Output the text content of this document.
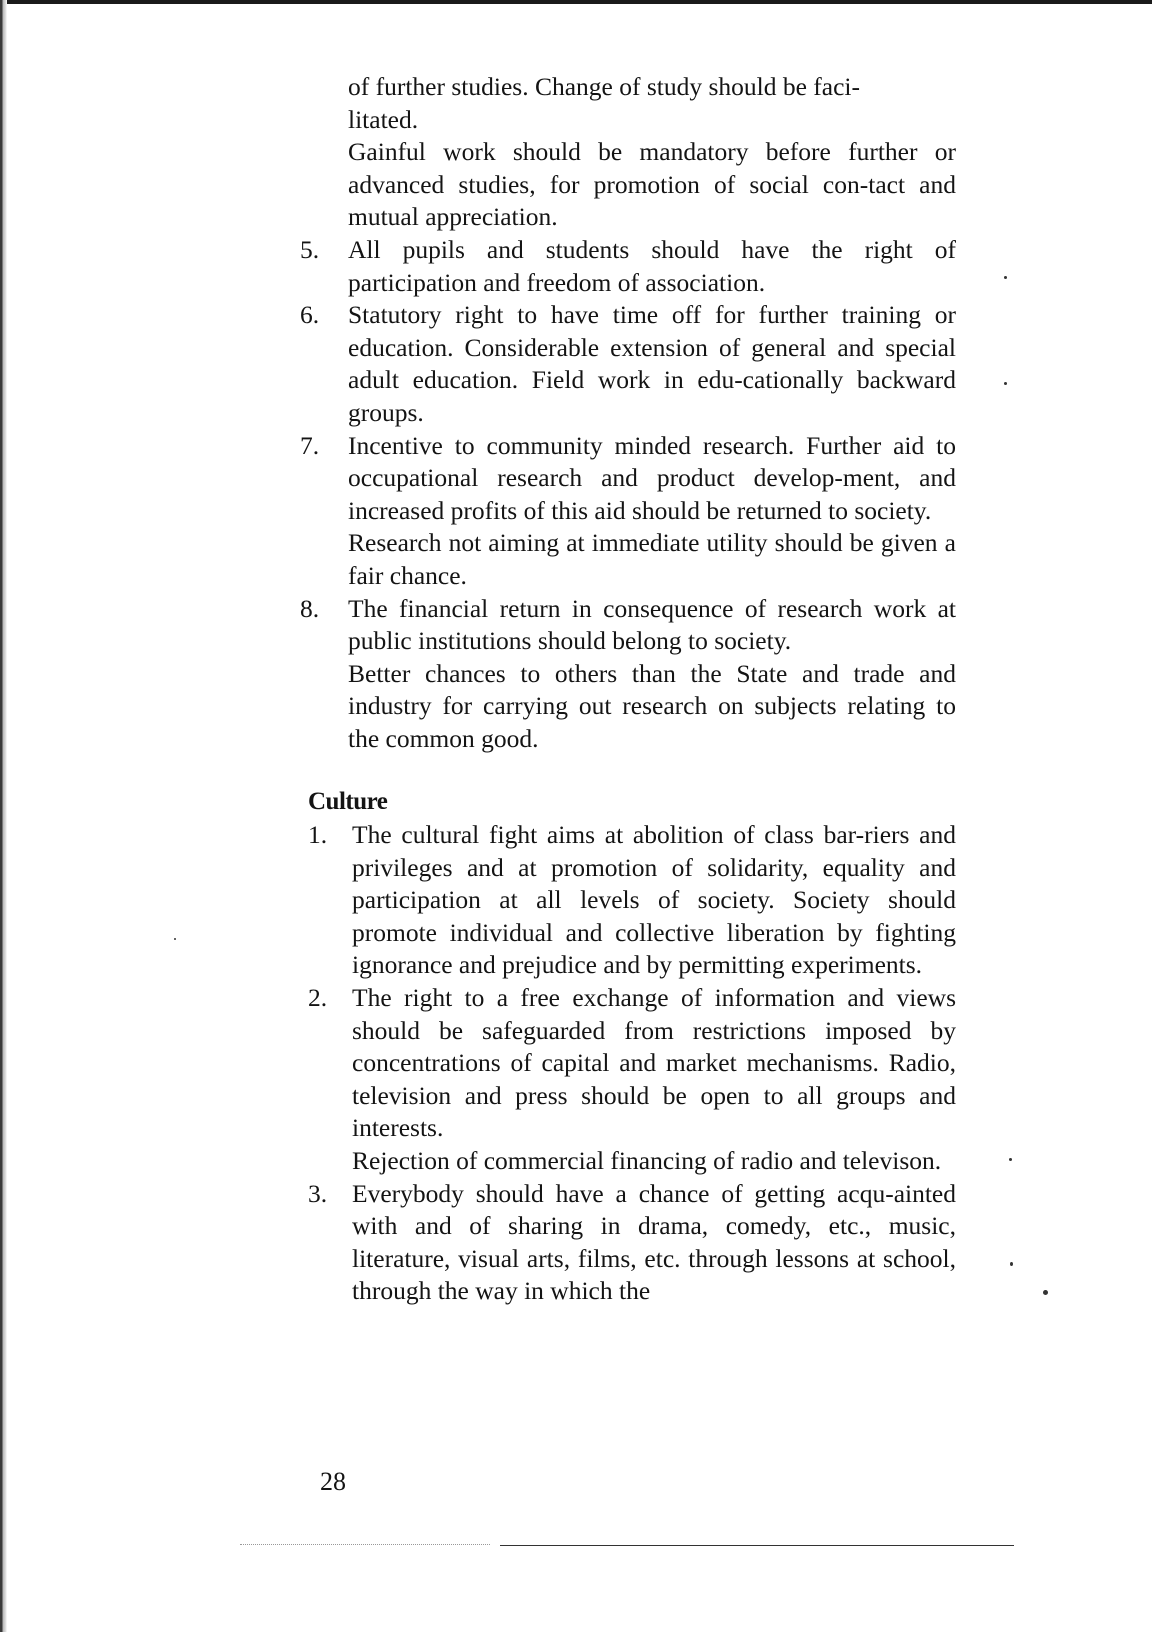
of further studies. Change of study should be faci-
litated.
Gainful work should be mandatory before further or advanced studies, for promotion of social con-tact and mutual appreciation.
5. All pupils and students should have the right of participation and freedom of association.
6. Statutory right to have time off for further training or education. Considerable extension of general and special adult education. Field work in edu-cationally backward groups.
7. Incentive to community minded research. Further aid to occupational research and product develop-ment, and increased profits of this aid should be returned to society.
Research not aiming at immediate utility should be given a fair chance.
8. The financial return in consequence of research work at public institutions should belong to society.
Better chances to others than the State and trade and industry for carrying out research on subjects relating to the common good.
Culture
1. The cultural fight aims at abolition of class bar-riers and privileges and at promotion of solidarity, equality and participation at all levels of society. Society should promote individual and collective liberation by fighting ignorance and prejudice and by permitting experiments.
2. The right to a free exchange of information and views should be safeguarded from restrictions imposed by concentrations of capital and market mechanisms. Radio, television and press should be open to all groups and interests.
Rejection of commercial financing of radio and televison.
3. Everybody should have a chance of getting acqu-ainted with and of sharing in drama, comedy, etc., music, literature, visual arts, films, etc. through lessons at school, through the way in which the
28
